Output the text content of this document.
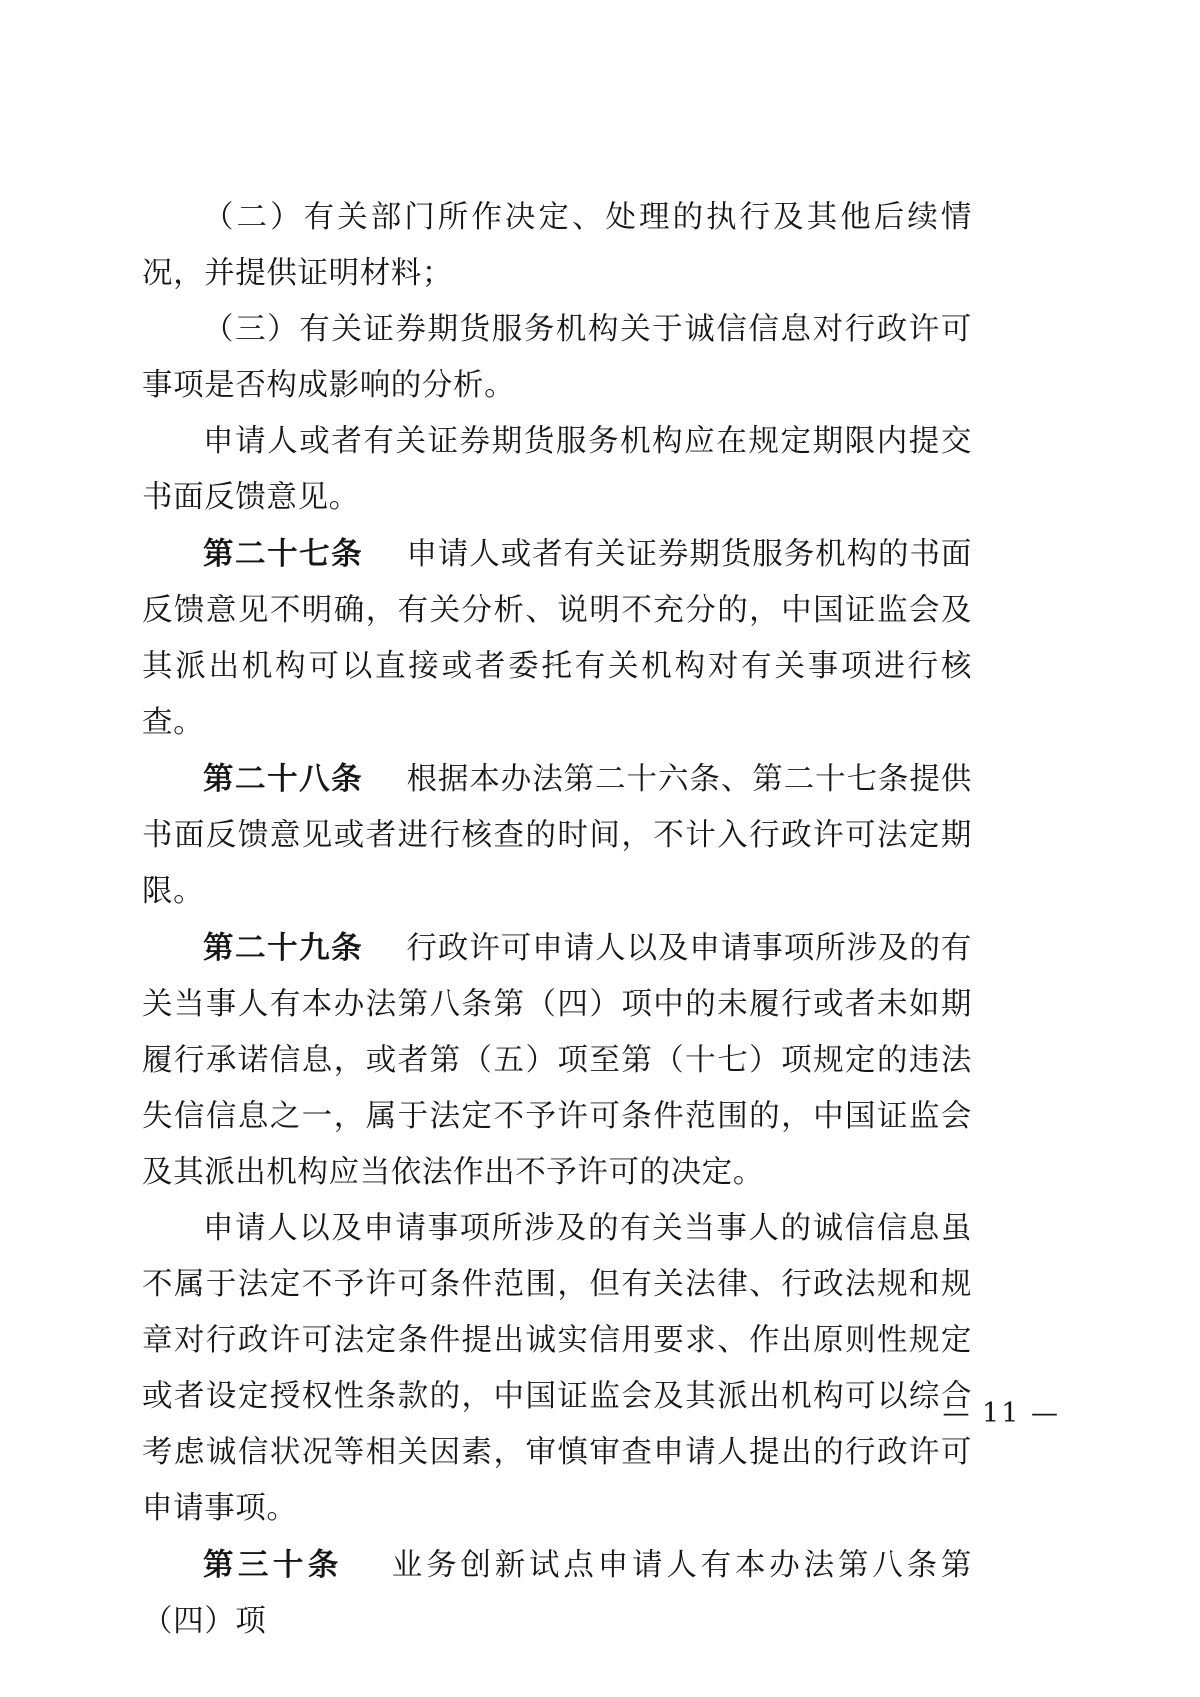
（二）有关部门所作决定、处理的执行及其他后续情况，并提供证明材料；

（三）有关证券期货服务机构关于诚信信息对行政许可事项是否构成影响的分析。

申请人或者有关证券期货服务机构应在规定期限内提交书面反馈意见。

第二十七条 申请人或者有关证券期货服务机构的书面反馈意见不明确，有关分析、说明不充分的，中国证监会及其派出机构可以直接或者委托有关机构对有关事项进行核查。

第二十八条 根据本办法第二十六条、第二十七条提供书面反馈意见或者进行核查的时间，不计入行政许可法定期限。

第二十九条 行政许可申请人以及申请事项所涉及的有关当事人有本办法第八条第（四）项中的未履行或者未如期履行承诺信息，或者第（五）项至第（十七）项规定的违法失信信息之一，属于法定不予许可条件范围的，中国证监会及其派出机构应当依法作出不予许可的决定。

申请人以及申请事项所涉及的有关当事人的诚信信息虽不属于法定不予许可条件范围，但有关法律、行政法规和规章对行政许可法定条件提出诚实信用要求、作出原则性规定或者设定授权性条款的，中国证监会及其派出机构可以综合考虑诚信状况等相关因素，审慎审查申请人提出的行政许可申请事项。

第三十条 业务创新试点申请人有本办法第八条第（四）项

— 11 —
